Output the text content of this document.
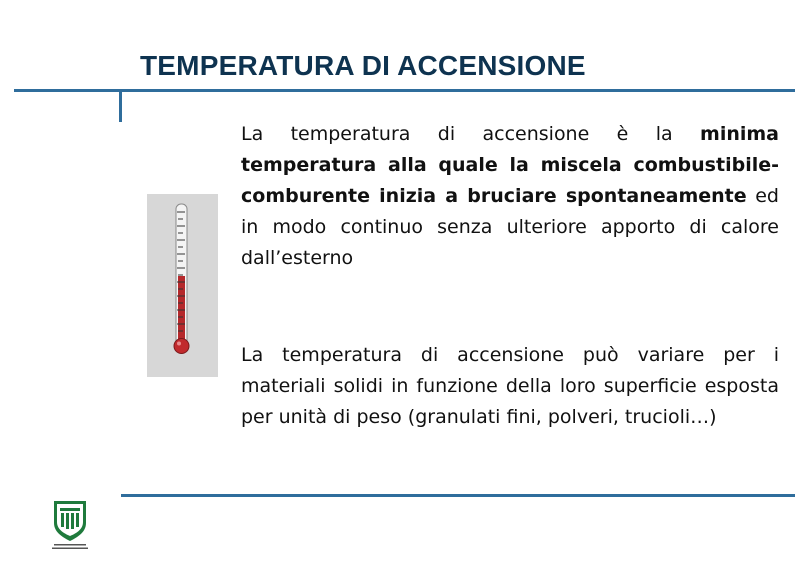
TEMPERATURA DI ACCENSIONE
La temperatura di accensione è la minima temperatura alla quale la miscela combustibile-comburente inizia a bruciare spontaneamente ed in modo continuo senza ulteriore apporto di calore dall’esterno
La temperatura di accensione può variare per i materiali solidi in funzione della loro superficie esposta per unità di peso (granulati fini, polveri, trucioli…)
